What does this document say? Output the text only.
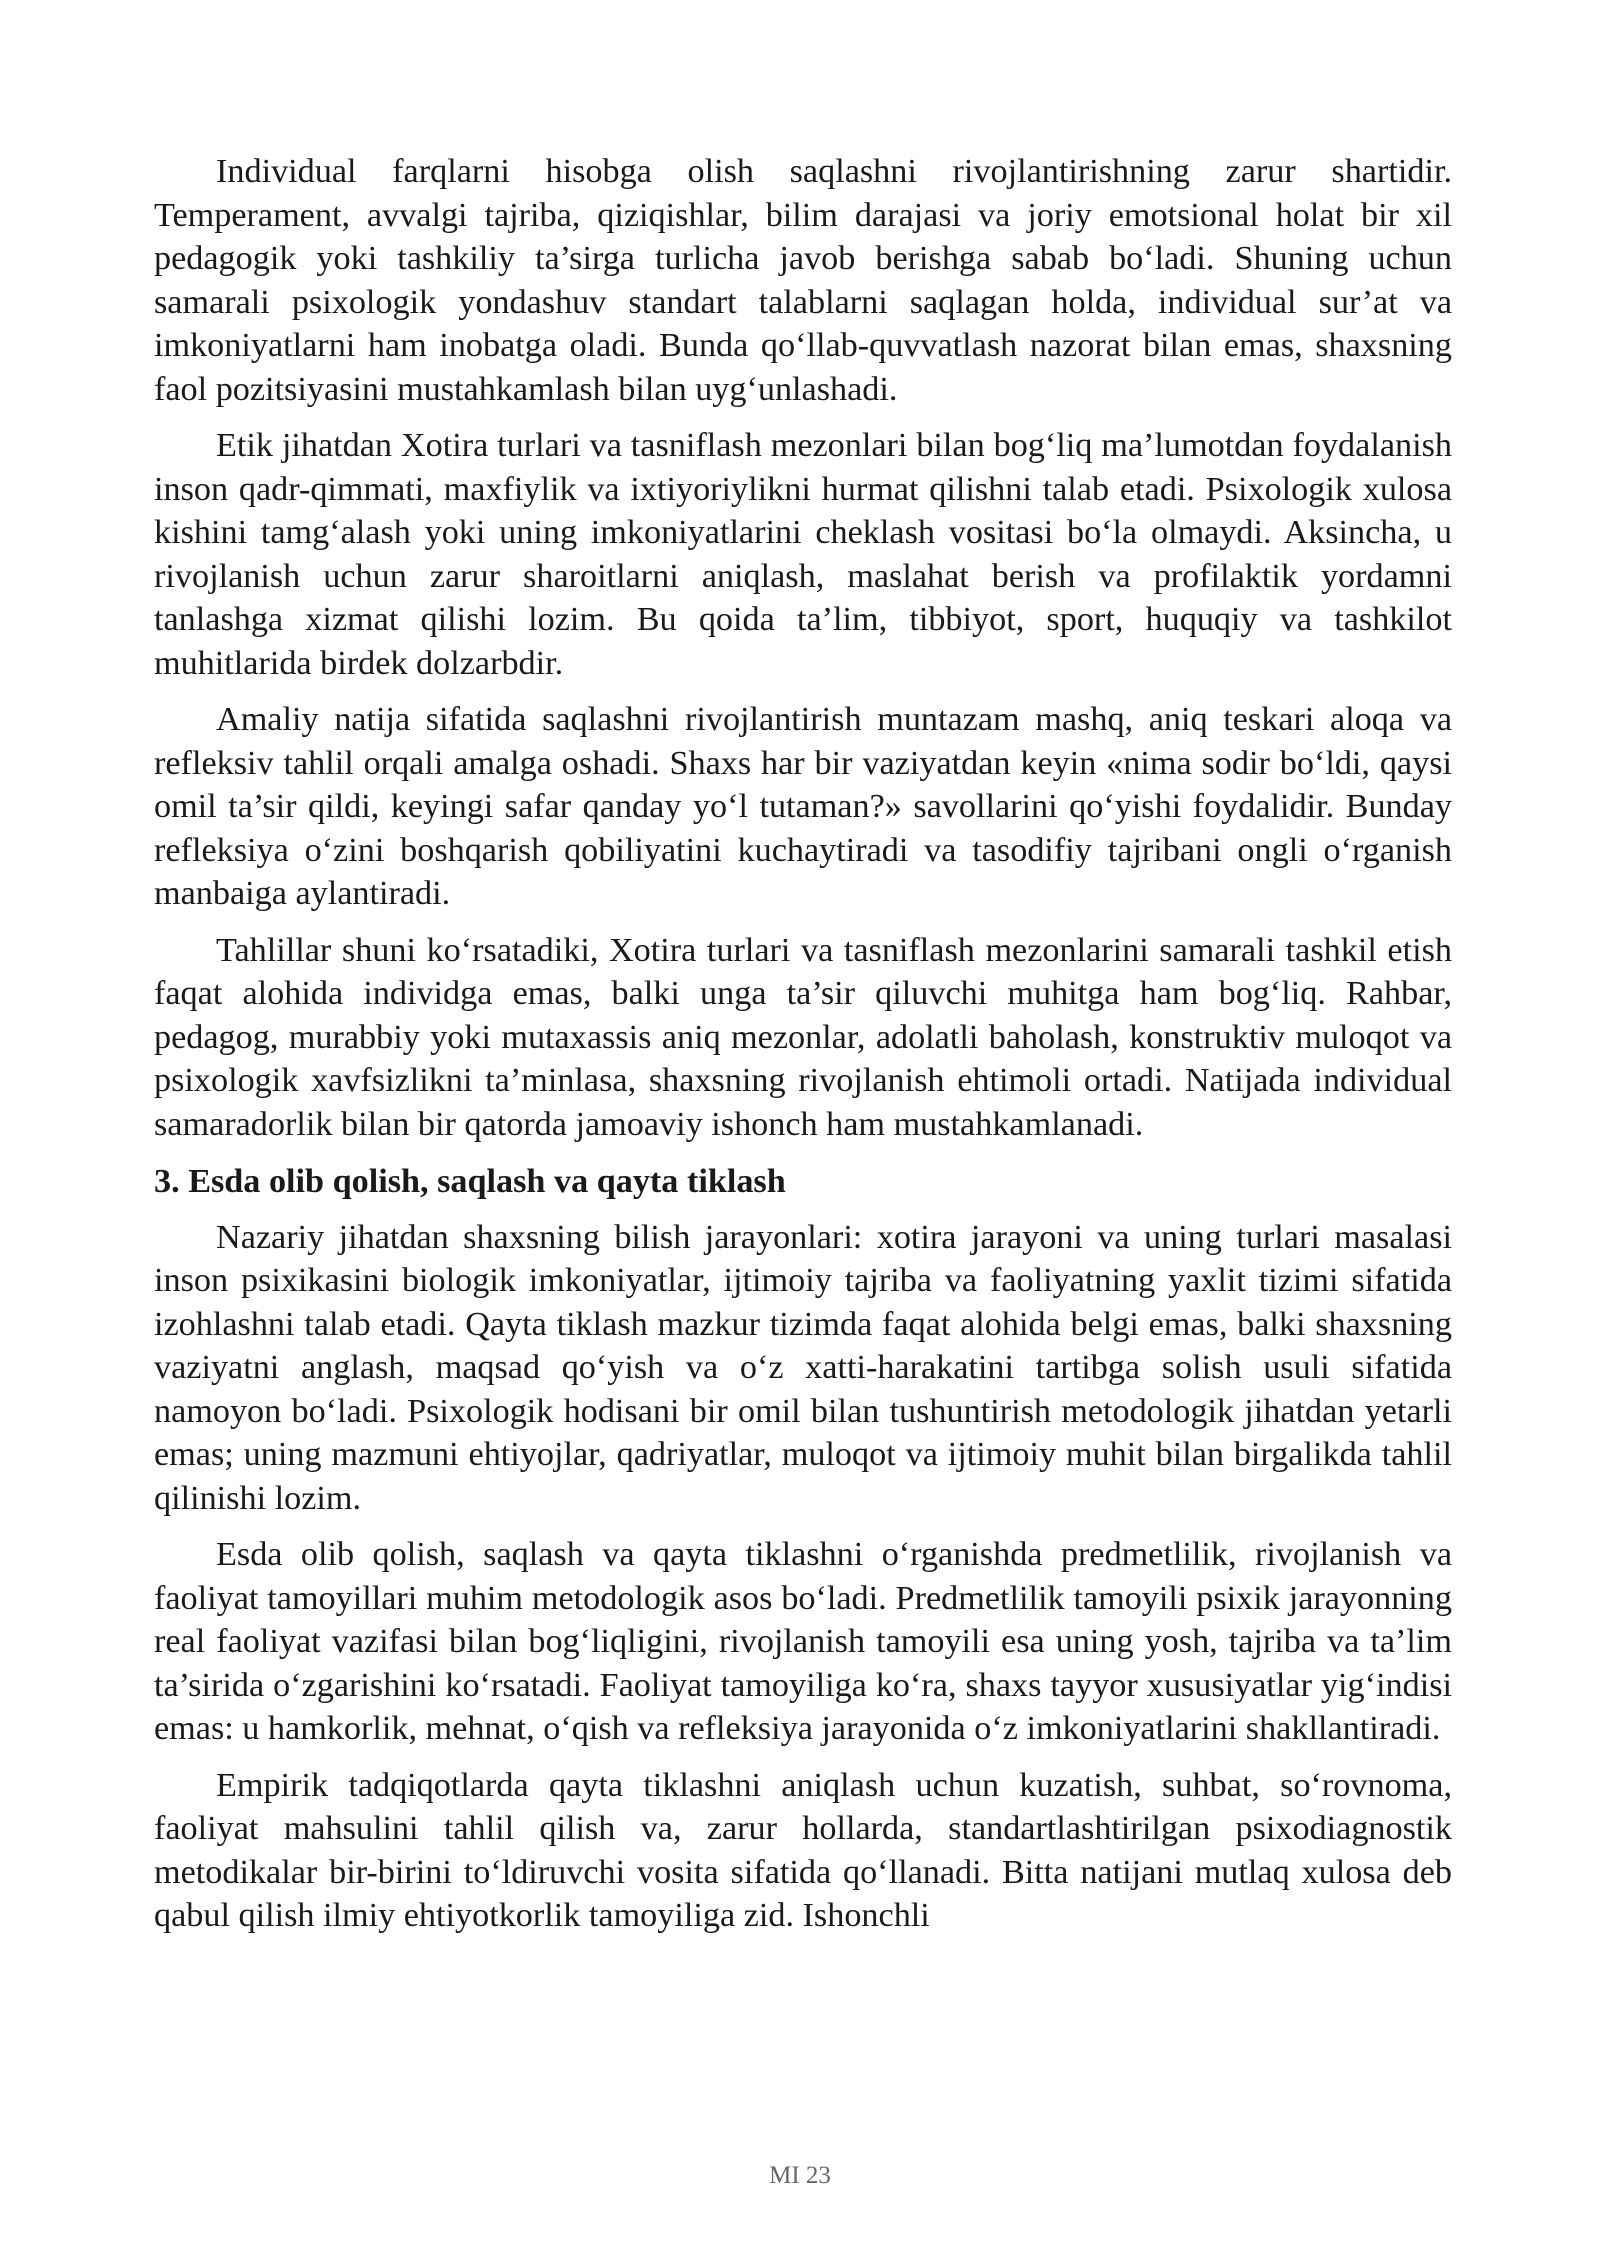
Individual farqlarni hisobga olish saqlashni rivojlantirishning zarur shartidir. Temperament, avvalgi tajriba, qiziqishlar, bilim darajasi va joriy emotsional holat bir xil pedagogik yoki tashkiliy ta’sirga turlicha javob berishga sabab bo‘ladi. Shuning uchun samarali psixologik yondashuv standart talablarni saqlagan holda, individual sur’at va imkoniyatlarni ham inobatga oladi. Bunda qo‘llab-quvvatlash nazorat bilan emas, shaxsning faol pozitsiyasini mustahkamlash bilan uyg‘unlashadi.

Etik jihatdan Xotira turlari va tasniflash mezonlari bilan bog‘liq ma’lumotdan foydalanish inson qadr-qimmati, maxfiylik va ixtiyoriylikni hurmat qilishni talab etadi. Psixologik xulosa kishini tamg‘alash yoki uning imkoniyatlarini cheklash vositasi bo‘la olmaydi. Aksincha, u rivojlanish uchun zarur sharoitlarni aniqlash, maslahat berish va profilaktik yordamni tanlashga xizmat qilishi lozim. Bu qoida ta’lim, tibbiyot, sport, huquqiy va tashkilot muhitlarida birdek dolzarbdir.

Amaliy natija sifatida saqlashni rivojlantirish muntazam mashq, aniq teskari aloqa va refleksiv tahlil orqali amalga oshadi. Shaxs har bir vaziyatdan keyin «nima sodir bo‘ldi, qaysi omil ta’sir qildi, keyingi safar qanday yo‘l tutaman?» savollarini qo‘yishi foydalidir. Bunday refleksiya o‘zini boshqarish qobiliyatini kuchaytiradi va tasodifiy tajribani ongli o‘rganish manbaiga aylantiradi.

Tahlillar shuni ko‘rsatadiki, Xotira turlari va tasniflash mezonlarini samarali tashkil etish faqat alohida individga emas, balki unga ta’sir qiluvchi muhitga ham bog‘liq. Rahbar, pedagog, murabbiy yoki mutaxassis aniq mezonlar, adolatli baholash, konstruktiv muloqot va psixologik xavfsizlikni ta’minlasa, shaxsning rivojlanish ehtimoli ortadi. Natijada individual samaradorlik bilan bir qatorda jamoaviy ishonch ham mustahkamlanadi.

3. Esda olib qolish, saqlash va qayta tiklash

Nazariy jihatdan shaxsning bilish jarayonlari: xotira jarayoni va uning turlari masalasi inson psixikasini biologik imkoniyatlar, ijtimoiy tajriba va faoliyatning yaxlit tizimi sifatida izohlashni talab etadi. Qayta tiklash mazkur tizimda faqat alohida belgi emas, balki shaxsning vaziyatni anglash, maqsad qo‘yish va o‘z xatti-harakatini tartibga solish usuli sifatida namoyon bo‘ladi. Psixologik hodisani bir omil bilan tushuntirish metodologik jihatdan yetarli emas; uning mazmuni ehtiyojlar, qadriyatlar, muloqot va ijtimoiy muhit bilan birgalikda tahlil qilinishi lozim.

Esda olib qolish, saqlash va qayta tiklashni o‘rganishda predmetlilik, rivojlanish va faoliyat tamoyillari muhim metodologik asos bo‘ladi. Predmetlilik tamoyili psixik jarayonning real faoliyat vazifasi bilan bog‘liqligini, rivojlanish tamoyili esa uning yosh, tajriba va ta’lim ta’sirida o‘zgarishini ko‘rsatadi. Faoliyat tamoyiliga ko‘ra, shaxs tayyor xususiyatlar yig‘indisi emas: u hamkorlik, mehnat, o‘qish va refleksiya jarayonida o‘z imkoniyatlarini shakllantiradi.

Empirik tadqiqotlarda qayta tiklashni aniqlash uchun kuzatish, suhbat, so‘rovnoma, faoliyat mahsulini tahlil qilish va, zarur hollarda, standartlashtirilgan psixodiagnostik metodikalar bir-birini to‘ldiruvchi vosita sifatida qo‘llanadi. Bitta natijani mutlaq xulosa deb qabul qilish ilmiy ehtiyotkorlik tamoyiliga zid. Ishonchli

MI 23
